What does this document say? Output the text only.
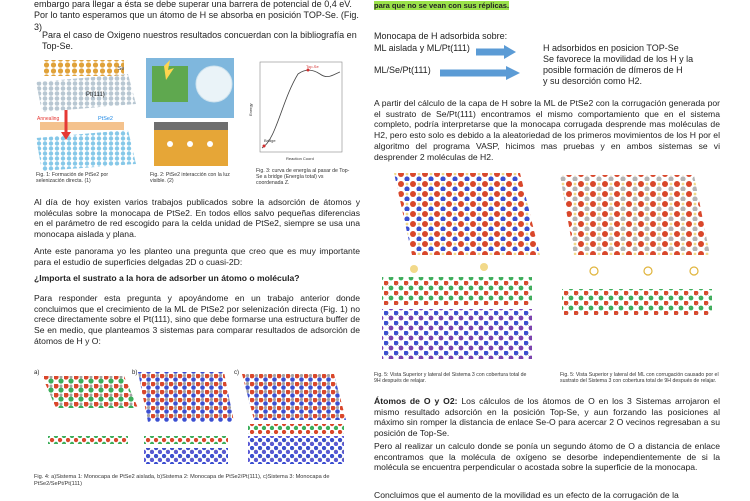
embargo para llegar a ésta se debe superar una barrera de potencial de 0,4 eV. Por lo tanto esperamos que un átomo de H se absorba en posición TOP-Se. (Fig. 3)

Para el caso de Oxigeno nuestros resultados concuerdan con la bibliografía en Top-Se.

Se
Pt(111)
Annealing	PtSe2

Fig. 1: Formación de PtSe2 por selenización directa. (1)

Fig. 2: PtSe2 interacción con la luz visible. (2)

Top-Se
Bridge
Reaction Coord
Energy

Fig. 3: curva de energía al pasar de Top-Se a bridge (Energía total) vs coordenada Z.

Al día de hoy existen varios trabajos publicados sobre la adsorción de átomos y moléculas sobre la monocapa de PtSe2. En todos ellos salvo pequeñas diferencias en el parámetro de red escogido para la celda unidad de PtSe2, siempre se usa una monocapa aislada y plana.

Ante este panorama yo les planteo una pregunta que creo que es muy importante para el estudio de superficies delgadas 2D o cuasi-2D:

¿Importa el sustrato a la hora de adsorber un átomo o molécula?

Para responder esta pregunta y apoyándome en un trabajo anterior donde concluimos que el crecimiento de la ML de PtSe2 por selenización directa (Fig. 1) no crece directamente sobre el Pt(111), sino que debe formarse una estructura buffer de Se en medio, que planteamos 3 sistemas para comparar resultados de adsorción de átomos de H y O:

a)	b)	c)

Fig. 4: a)Sistema 1: Monocapa de PtSe2 aislada, b)Sistema 2: Monocapa de PtSe2/Pt(111), c)Sistema 3: Monocapa de PtSe2/SePt/Pt(111)

para que no se vean con sus réplicas.

Monocapa de H adsorbida sobre:

ML aislada y ML/Pt(111)

ML/Se/Pt(111)

H adsorbidos en posicion TOP-Se

Se favorece la movilidad de los H y la

posible formación de dímeros de H

y su desorción como H2.

A partir del cálculo de la capa de H sobre la ML de PtSe2 con la corrugación generada por el sustrato de Se/Pt(111) encontramos el mismo comportamiento que en el sistema completo, podría interpretarse que la monocapa corrugada desprende mas moléculas de H2, pero esto solo es debido a la aleatoriedad de los primeros movimientos de los H por el algoritmo del programa VASP, hicimos mas pruebas y en ambos sistemas se vi desprender 2 moléculas de H2.

Fig. 5: Vista Superior y lateral del Sistema 3 con cobertura total de 9H después de relajar.

Fig. 5: Vista Superior y lateral del ML con corrugación causado por el sustrato del Sistema 3 con cobertura total de 9H después de relajar.

Átomos de O y O2: Los cálculos de los átomos de O en los 3 Sistemas arrojaron el mismo resultado adsorción en la posición Top-Se, y aun forzando las posiciones al máximo sin romper la distancia de enlace Se-O para acercar 2 O vecinos regresaban a su posición de Top-Se.

Pero al realizar un calculo donde se ponía un segundo átomo de O a distancia de enlace encontramos que la molécula de oxígeno se desorbe independientemente de si la molécula se encuentra perpendicular o acostada sobre la superficie de la monocapa.

Concluimos que el aumento de la movilidad es un efecto de la corrugación de la
